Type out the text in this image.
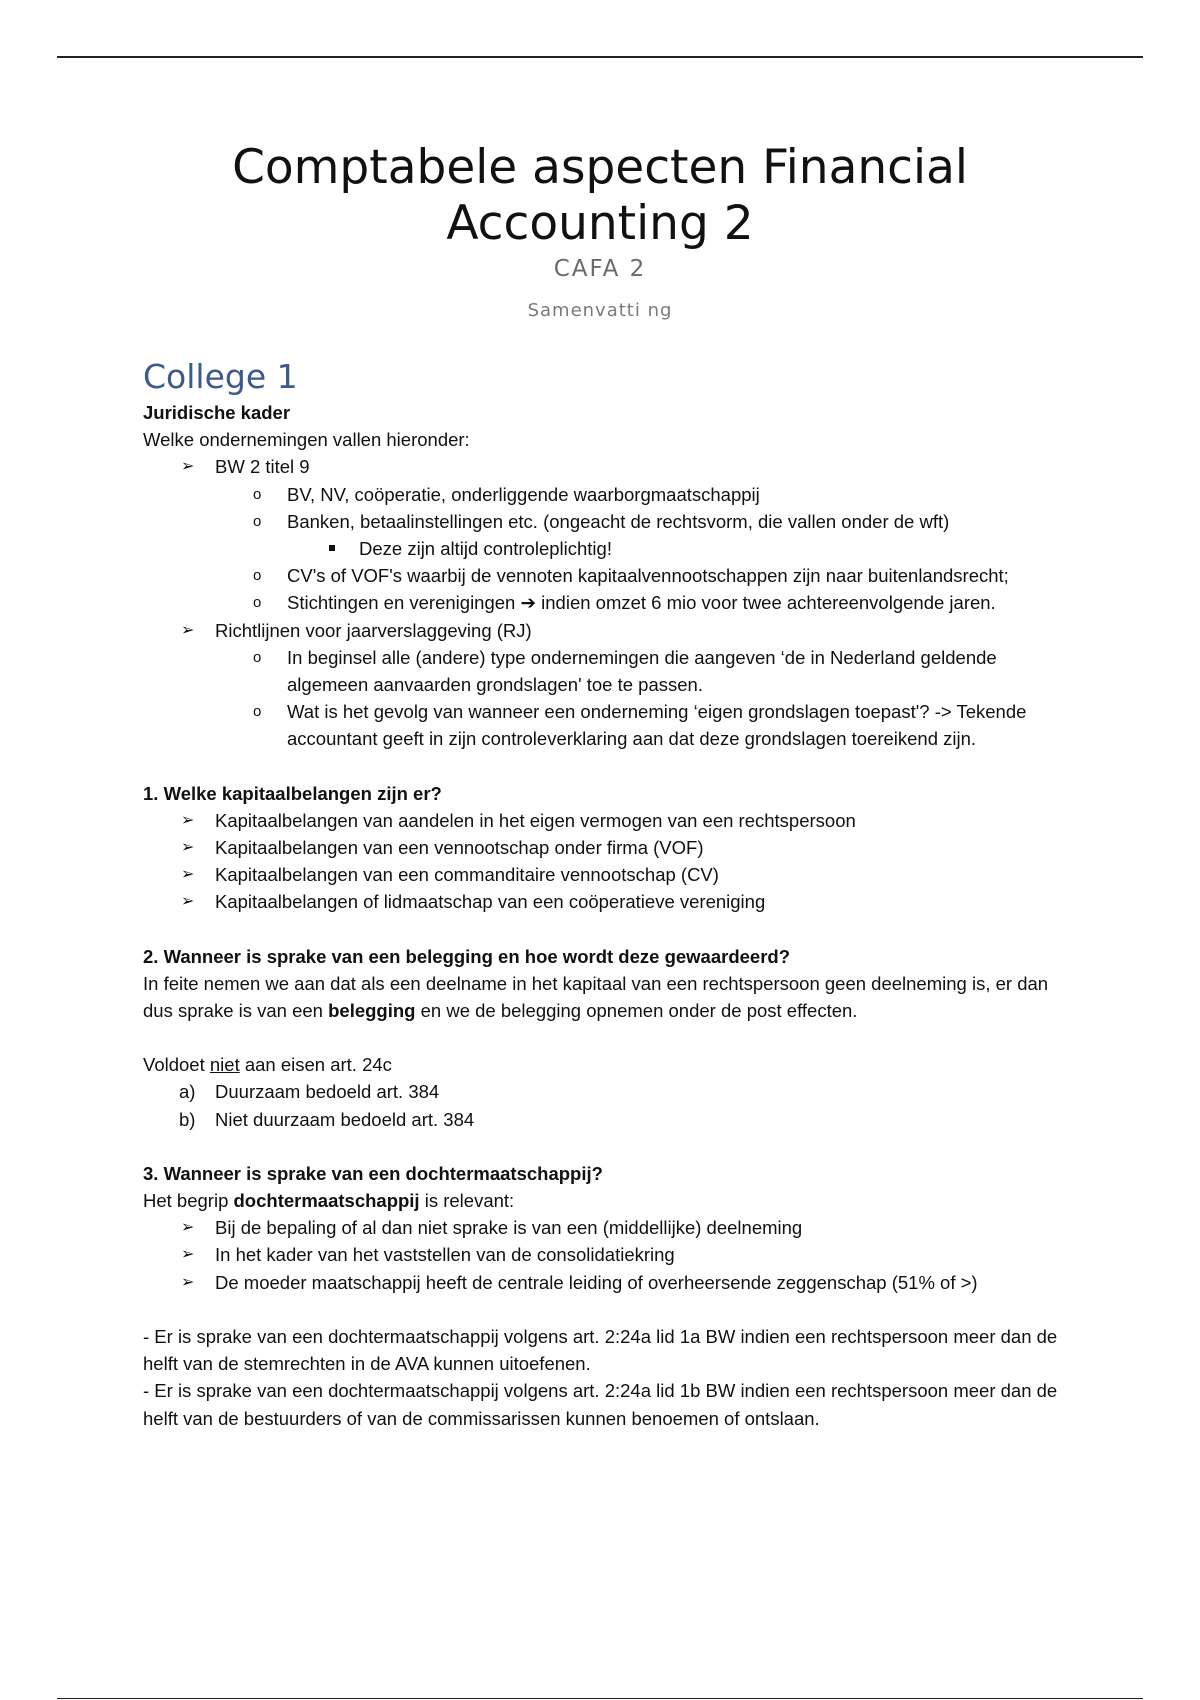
Comptabele aspecten Financial
Accounting 2
CAFA 2
Samenvatti ng
College 1

Juridische kader

Welke ondernemingen vallen hieronder:

➢ BW 2 titel 9
o BV, NV, coöperatie, onderliggende waarborgmaatschappij
o Banken, betaalinstellingen etc. (ongeacht de rechtsvorm, die vallen onder de wft)
Deze zijn altijd controleplichtig!
o CV's of VOF's waarbij de vennoten kapitaalvennootschappen zijn naar buitenlandsrecht;
o Stichtingen en verenigingen ➔ indien omzet 6 mio voor twee achtereenvolgende jaren.
➢ Richtlijnen voor jaarverslaggeving (RJ)
o In beginsel alle (andere) type ondernemingen die aangeven ‘de in Nederland geldende algemeen aanvaarden grondslagen' toe te passen.
o Wat is het gevolg van wanneer een onderneming ‘eigen grondslagen toepast'? -> Tekende accountant geeft in zijn controleverklaring aan dat deze grondslagen toereikend zijn.

1. Welke kapitaalbelangen zijn er?

➢ Kapitaalbelangen van aandelen in het eigen vermogen van een rechtspersoon
➢ Kapitaalbelangen van een vennootschap onder firma (VOF)
➢ Kapitaalbelangen van een commanditaire vennootschap (CV)
➢ Kapitaalbelangen of lidmaatschap van een coöperatieve vereniging

2. Wanneer is sprake van een belegging en hoe wordt deze gewaardeerd?

In feite nemen we aan dat als een deelname in het kapitaal van een rechtspersoon geen deelneming is, er dan dus sprake is van een belegging en we de belegging opnemen onder de post effecten.

Voldoet niet aan eisen art. 24c

a) Duurzaam bedoeld art. 384
b) Niet duurzaam bedoeld art. 384

3. Wanneer is sprake van een dochtermaatschappij?

Het begrip dochtermaatschappij is relevant:

➢ Bij de bepaling of al dan niet sprake is van een (middellijke) deelneming
➢ In het kader van het vaststellen van de consolidatiekring
➢ De moeder maatschappij heeft de centrale leiding of overheersende zeggenschap (51% of >)

- Er is sprake van een dochtermaatschappij volgens art. 2:24a lid 1a BW indien een rechtspersoon meer dan de helft van de stemrechten in de AVA kunnen uitoefenen.

- Er is sprake van een dochtermaatschappij volgens art. 2:24a lid 1b BW indien een rechtspersoon meer dan de helft van de bestuurders of van de commissarissen kunnen benoemen of ontslaan.
